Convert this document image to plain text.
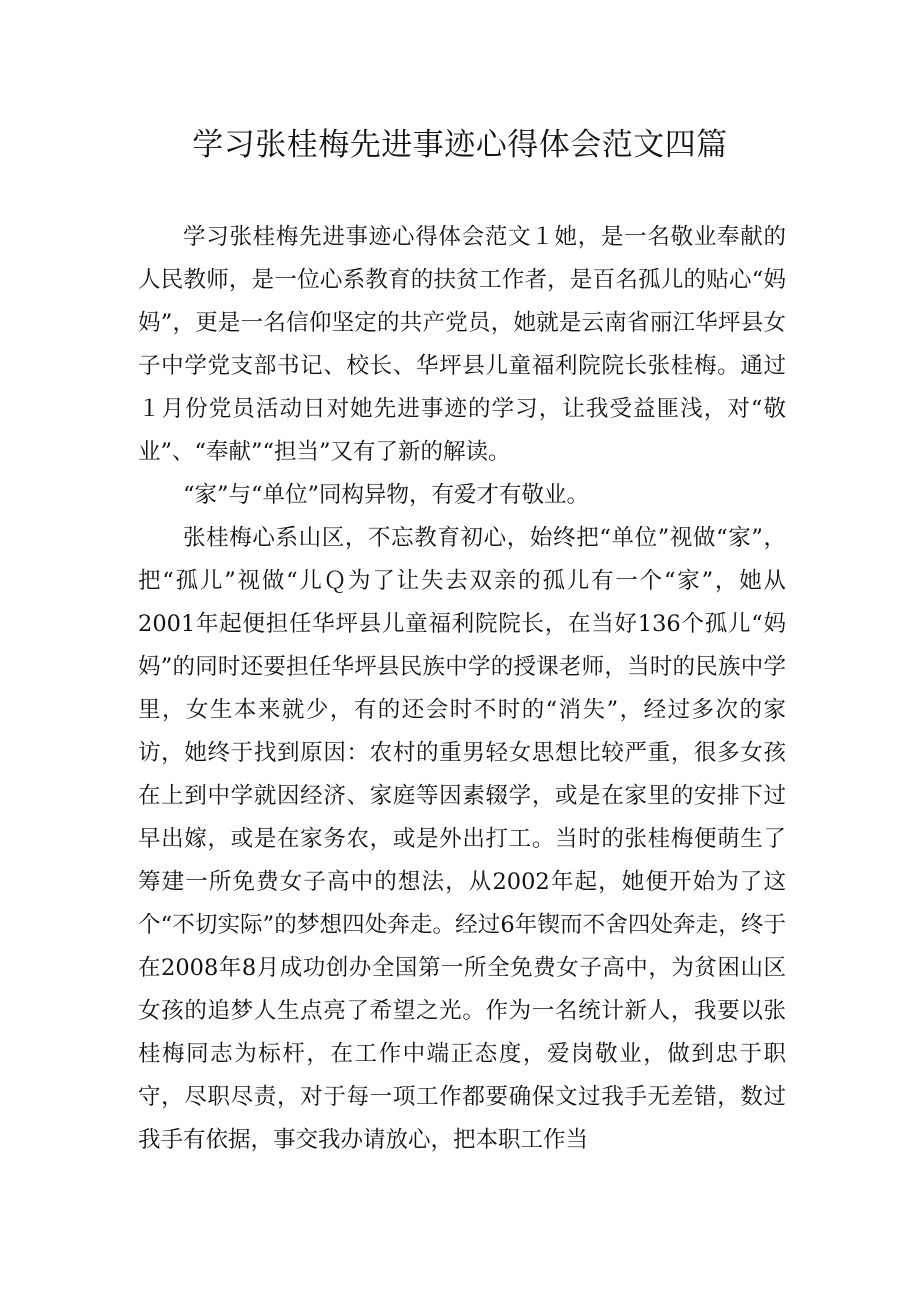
学习张桂梅先进事迹心得体会范文四篇

学习张桂梅先进事迹心得体会范文１她，是一名敬业奉献的人民教师，是一位心系教育的扶贫工作者，是百名孤儿的贴心“妈妈”，更是一名信仰坚定的共产党员，她就是云南省丽江华坪县女子中学党支部书记、校长、华坪县儿童福利院院长张桂梅。通过１月份党员活动日对她先进事迹的学习，让我受益匪浅，对“敬业”、“奉献”“担当”又有了新的解读。

“家”与“单位”同构异物，有爱才有敬业。

张桂梅心系山区，不忘教育初心，始终把“单位”视做“家”，把“孤儿”视做“儿Ｑ为了让失去双亲的孤儿有一个“家”，她从2001年起便担任华坪县儿童福利院院长，在当好136个孤儿“妈妈”的同时还要担任华坪县民族中学的授课老师，当时的民族中学里，女生本来就少，有的还会时不时的“消失”，经过多次的家访，她终于找到原因：农村的重男轻女思想比较严重，很多女孩在上到中学就因经济、家庭等因素辍学，或是在家里的安排下过早出嫁，或是在家务农，或是外出打工。当时的张桂梅便萌生了筹建一所免费女子高中的想法，从2002年起，她便开始为了这个“不切实际”的梦想四处奔走。经过6年锲而不舍四处奔走，终于在2008年8月成功创办全国第一所全免费女子高中，为贫困山区女孩的追梦人生点亮了希望之光。作为一名统计新人，我要以张桂梅同志为标杆，在工作中端正态度，爱岗敬业，做到忠于职守，尽职尽责，对于每一项工作都要确保文过我手无差错，数过我手有依据，事交我办请放心，把本职工作当
